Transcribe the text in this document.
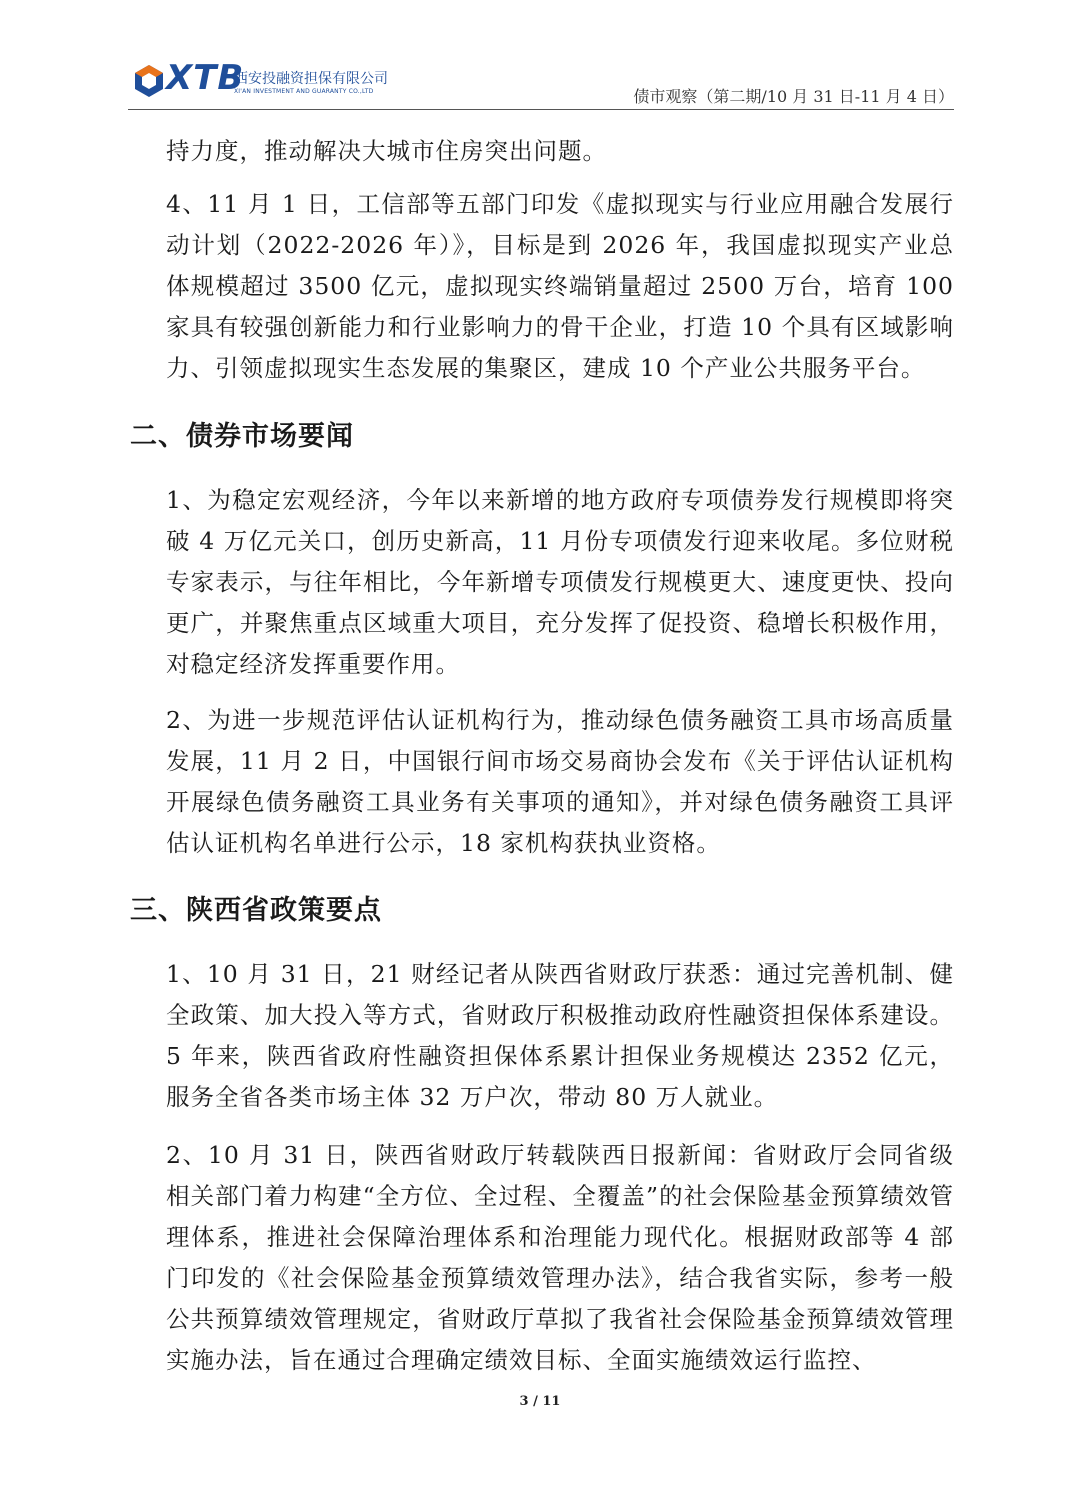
XTB
西安投融资担保有限公司
XI'AN INVESTMENT AND GUARANTY CO.,LTD	债市观察（第二期/10 月 31 日-11 月 4 日）

持力度，推动解决大城市住房突出问题。

4、11 月 1 日，工信部等五部门印发《虚拟现实与行业应用融合发展行动计划（2022-2026 年）》，目标是到 2026 年，我国虚拟现实产业总体规模超过 3500 亿元，虚拟现实终端销量超过 2500 万台，培育 100 家具有较强创新能力和行业影响力的骨干企业，打造 10 个具有区域影响力、引领虚拟现实生态发展的集聚区，建成 10 个产业公共服务平台。

二、债券市场要闻

1、为稳定宏观经济，今年以来新增的地方政府专项债券发行规模即将突破 4 万亿元关口，创历史新高，11 月份专项债发行迎来收尾。多位财税专家表示，与往年相比，今年新增专项债发行规模更大、速度更快、投向更广，并聚焦重点区域重大项目，充分发挥了促投资、稳增长积极作用，对稳定经济发挥重要作用。

2、为进一步规范评估认证机构行为，推动绿色债务融资工具市场高质量发展，11 月 2 日，中国银行间市场交易商协会发布《关于评估认证机构开展绿色债务融资工具业务有关事项的通知》，并对绿色债务融资工具评估认证机构名单进行公示，18 家机构获执业资格。

三、陕西省政策要点

1、10 月 31 日，21 财经记者从陕西省财政厅获悉：通过完善机制、健全政策、加大投入等方式，省财政厅积极推动政府性融资担保体系建设。5 年来，陕西省政府性融资担保体系累计担保业务规模达 2352 亿元，服务全省各类市场主体 32 万户次，带动 80 万人就业。

2、10 月 31 日，陕西省财政厅转载陕西日报新闻：省财政厅会同省级相关部门着力构建“全方位、全过程、全覆盖”的社会保险基金预算绩效管理体系，推进社会保障治理体系和治理能力现代化。根据财政部等 4 部门印发的《社会保险基金预算绩效管理办法》，结合我省实际，参考一般公共预算绩效管理规定，省财政厅草拟了我省社会保险基金预算绩效管理实施办法，旨在通过合理确定绩效目标、全面实施绩效运行监控、

3 / 11
